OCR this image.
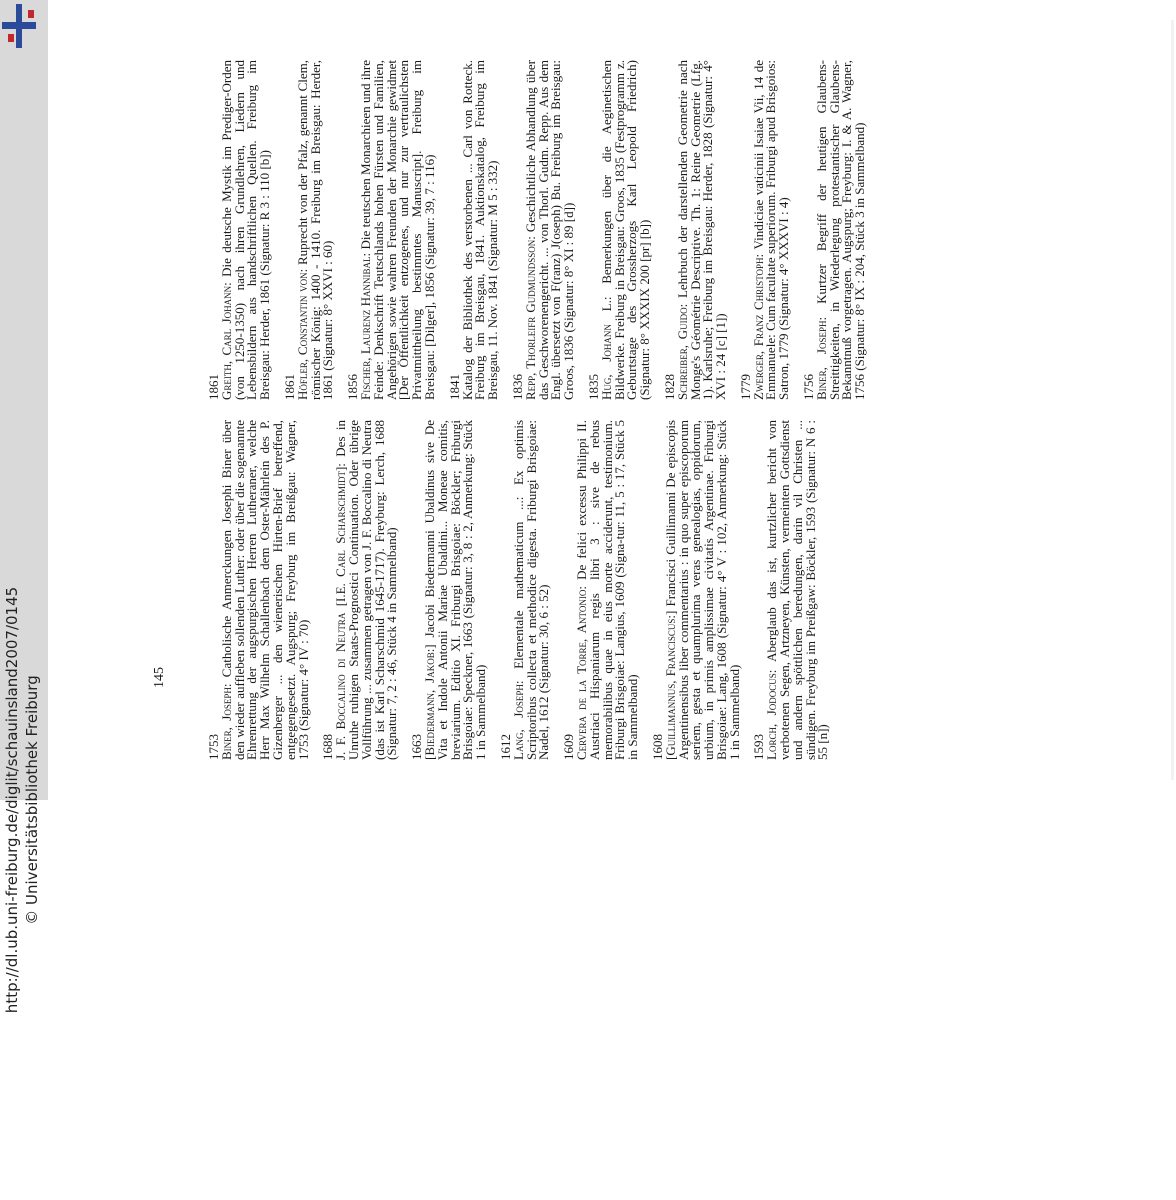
http://dl.ub.uni-freiburg.de/diglit/schauinsland2007/0145 © Universitätsbibliothek Freiburg	145
1861
Greith, Carl Johann: Die deutsche Mystik im Prediger-Orden (von 1250-1350) nach ihren Grundlehren, Liedern und Lebensbildern aus handschriftlichen Quellen. Freiburg im Breisgau: Herder, 1861 (Signatur: R 3 : 110 [b]) 1861
Höfler, Constantin von: Ruprecht von der Pfalz, genannt Clem, römischer König: 1400 - 1410. Freiburg im Breisgau: Herder, 1861 (Signatur: 8° XXVI : 60) 1856
Fischer, Laurenz Hannibal: Die teutschen Monarchieen und ihre Feinde: Denkschrift Teutschlands hohen Fürsten und Familien, Angehörigen sowie wahren Freunden der Monarchie gewidmet [Der Öffentlichkeit entzogenes, und nur zur vertraulichsten Privatmittheilung bestimmtes Manuscript]. Freiburg im Breisgau: [Dilger], 1856 (Signatur: 39, 7 : 116) 1841
Katalog der Bibliothek des verstorbenen ... Carl von Rotteck. Freiburg im Breisgau, 1841. Auktionskatalog, Freiburg im Breisgau, 11. Nov. 1841 (Signatur: M 5 : 332) 1836
Repp, Thorleifr Gudmundsson: Geschichtliche Abhandlung über das Geschworenengericht. ... von Thorl. Gudm. Repp. Aus dem Engl. übersetzt von F(ranz) J(oseph) Bu. Freiburg im Breisgau: Groos, 1836 (Signatur: 8° XI : 89 [d]) 1835
Hug, Johann L.: Bemerkungen über die Aeginetischen Bildwerke. Freiburg in Breisgau: Groos, 1835 (Festprogramm z. Geburtstage des Grossherzogs Karl Leopold Friedrich) (Signatur: 8° XXXIX 200 [pr] [b]) 1828
Schreiber, Guido: Lehrbuch der darstellenden Geometrie nach Monge's Géométrie Descriptive. Th. 1: Reine Geometrie (Lfg. 1). Karlsruhe; Freiburg im Breisgau: Herder, 1828 (Signatur: 4° XVI : 24 [c] [1]) 1779
Zwerger, Franz Christoph: Vindiciae vaticinii Isaiae Vii, 14 de Emmanuele: Cum facultate superiorum. Friburgi apud Brisgoios: Satron, 1779 (Signatur: 4° XXXVI : 4) 1756
Biner, Joseph: Kurtzer Begriff der heutigen Glaubens-Streittigkeiten, in Wiederlegung protestantischer Glaubens-Bekanntnuß vorgetragen. Augspurg; Freyburg: I. & A. Wagner, 1756 (Signatur: 8° IX : 204, Stück 3 in Sammelband)
1753
Biner, Joseph: Catholische Anmerckungen Josephi Biner über den wieder auffleben sollenden Luther: oder über die sogenannte Ehrenrettung der augspurgischen Herren Lutheraner, welche Herr Max Wilhelm Schallenbach dem Oster-Mährlein des P. Gizenberger ... den wienerischen Hirten-Brief betreffend, entgegengesetzt. Augspurg; Freyburg im Breißgau: Wagner, 1753 (Signatur: 4° IV : 70) 1688
J. F. Boccalino di Neutra [I.E. Carl Scharschmidt]: Des in Unruhe ruhigen Staats-Prognostici Continuation. Oder übrige Vollführung ... zusammen getragen von J. F. Boccalino di Neutra (das ist Karl Scharschmid 1645-1717). Freyburg: Lerch, 1688 (Signatur: 7, 2 : 46, Stück 4 in Sammelband) 1663
[Biedermann, Jakob:] Jacobi Biedermanni Ubaldinus sive De Vita et Indole Antonii Mariae Ubaldini... Moneae comitis, breviarium. Editio XI. Friburgi Brisgoiae: Böckler; Friburgi Brisgoiae: Speckner, 1663 (Signatur: 3, 8 : 2, Anmerkung: Stück 1 in Sammelband) 1612
Lang, Joseph: Elementale mathematicum ...: Ex optimis Scriptoribus collecta et methodice digesta. Friburgi Brisgoiae: Nadel, 1612 (Signatur: 30, 6 : 52) 1609
Cervera de la Torre, Antonio: De felici excessu Philippi II. Austriaci Hispaniarum regis libri 3 : sive de rebus memorabilibus quae in eius morte acciderunt, testimonium. Friburgi Brisgoiae: Langius, 1609 (Signa-tur: 11, 5 : 17, Stück 5 in Sammelband) 1608
[Guillimannus, Franciscus:] Francisci Guillimanni De episcopis Argentinensibus liber commentarius : in quo super episcoporum seriem, gesta et quamplurima veras genealogias, oppidorum, urbium, in primis amplissimae civitatis Argentinae. Friburgi Brisgoiae: Lang, 1608 (Signatur: 4° V : 102, Anmerkung: Stück 1 in Sammelband) 1593
Lorch, Jodocus: Aberglaub das ist, kurtzlicher bericht von verbotenen Segen, Artzneyen, Künsten, vermeinten Gottsdienst und andern spöttlichen beredungen, darin vil Christen ... sündigen. Freyburg im Preißgaw: Böckler, 1593 (Signatur: N 6 : 55 [n])
